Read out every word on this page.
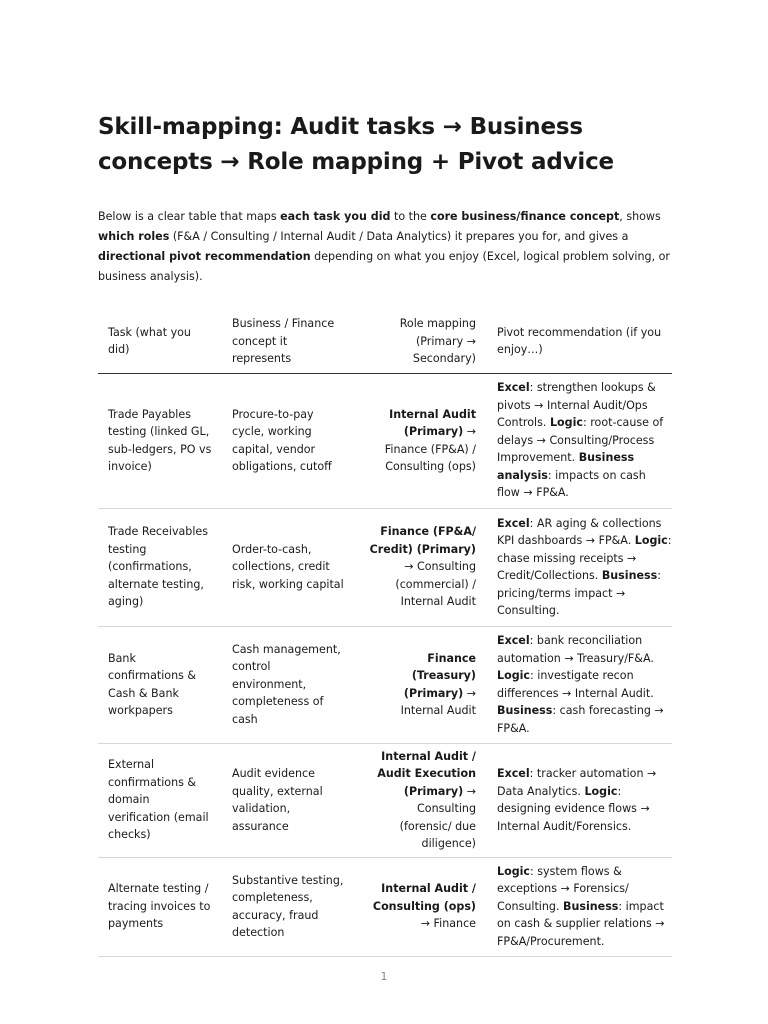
Skill-mapping: Audit tasks → Business concepts → Role mapping + Pivot advice

Below is a clear table that maps each task you did to the core business/finance concept, shows which roles (F&A / Consulting / Internal Audit / Data Analytics) it prepares you for, and gives a directional pivot recommendation depending on what you enjoy (Excel, logical problem solving, or business analysis).

Task (what you did)	Business / Finance concept it represents	Role mapping (Primary → Secondary)	Pivot recommendation (if you enjoy…)
Trade Payables testing (linked GL, sub-ledgers, PO vs invoice)	Procure-to-pay cycle, working capital, vendor obligations, cutoff	Internal Audit (Primary) → Finance (FP&A) / Consulting (ops)	Excel: strengthen lookups & pivots → Internal Audit/Ops Controls. Logic: root-cause of delays → Consulting/Process Improvement. Business analysis: impacts on cash flow → FP&A.
Trade Receivables testing (confirmations, alternate testing, aging)	Order-to-cash, collections, credit risk, working capital	Finance (FP&A/ Credit) (Primary) → Consulting (commercial) / Internal Audit	Excel: AR aging & collections KPI dashboards → FP&A. Logic: chase missing receipts → Credit/Collections. Business: pricing/terms impact → Consulting.
Bank confirmations & Cash & Bank workpapers	Cash management, control environment, completeness of cash	Finance (Treasury) (Primary) → Internal Audit	Excel: bank reconciliation automation → Treasury/F&A. Logic: investigate recon differences → Internal Audit. Business: cash forecasting → FP&A.
External confirmations & domain verification (email checks)	Audit evidence quality, external validation, assurance	Internal Audit / Audit Execution (Primary) → Consulting (forensic/ due diligence)	Excel: tracker automation → Data Analytics. Logic: designing evidence flows → Internal Audit/Forensics.
Alternate testing / tracing invoices to payments	Substantive testing, completeness, accuracy, fraud detection	Internal Audit / Consulting (ops) → Finance	Logic: system flows & exceptions → Forensics/ Consulting. Business: impact on cash & supplier relations → FP&A/Procurement.
1
